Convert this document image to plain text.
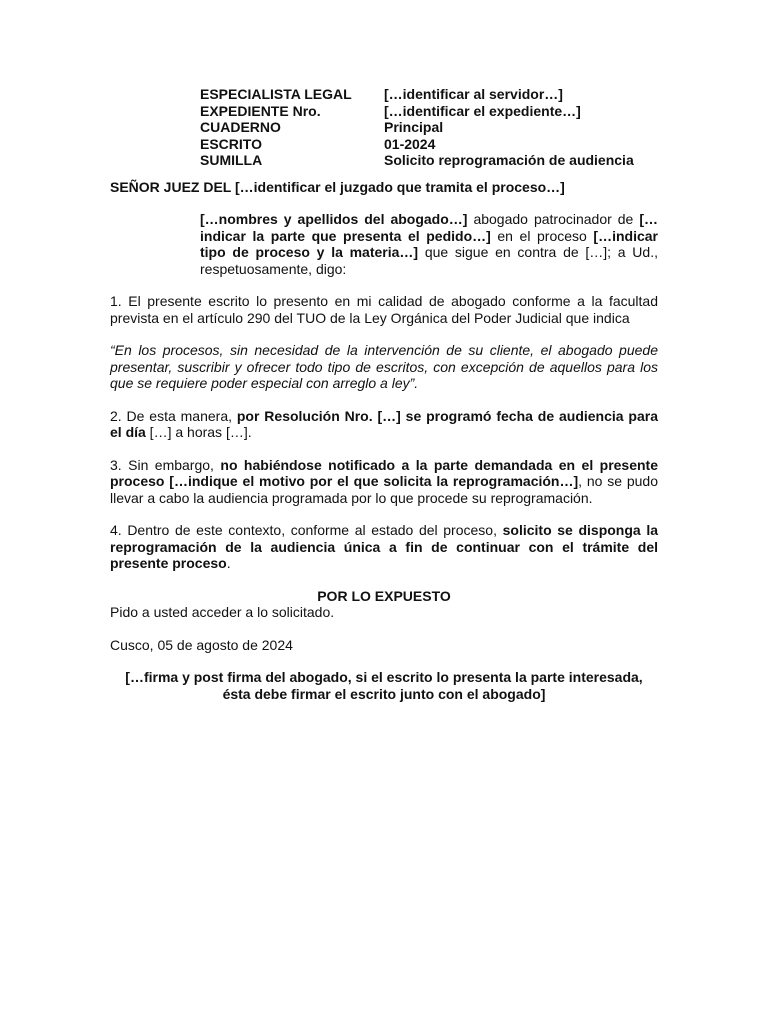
ESPECIALISTA LEGAL	[…identificar al servidor…]
EXPEDIENTE Nro.	[…identificar el expediente…]
CUADERNO	Principal
ESCRITO	01-2024
SUMILLA	Solicito reprogramación de audiencia

SEÑOR JUEZ DEL […identificar el juzgado que tramita el proceso…]

[…nombres y apellidos del abogado…] abogado patrocinador de […indicar la parte que presenta el pedido…] en el proceso […indicar tipo de proceso y la materia…] que sigue en contra de […]; a Ud., respetuosamente, digo:

1. El presente escrito lo presento en mi calidad de abogado conforme a la facultad prevista en el artículo 290 del TUO de la Ley Orgánica del Poder Judicial que indica

“En los procesos, sin necesidad de la intervención de su cliente, el abogado puede presentar, suscribir y ofrecer todo tipo de escritos, con excepción de aquellos para los que se requiere poder especial con arreglo a ley”.

2. De esta manera, por Resolución Nro. […] se programó fecha de audiencia para el día […] a horas […].

3. Sin embargo, no habiéndose notificado a la parte demandada en el presente proceso […indique el motivo por el que solicita la reprogramación…], no se pudo llevar a cabo la audiencia programada por lo que procede su reprogramación.

4. Dentro de este contexto, conforme al estado del proceso, solicito se disponga la reprogramación de la audiencia única a fin de continuar con el trámite del presente proceso.

POR LO EXPUESTO

Pido a usted acceder a lo solicitado.

Cusco, 05 de agosto de 2024

[…firma y post firma del abogado, si el escrito lo presenta la parte interesada, ésta debe firmar el escrito junto con el abogado]
